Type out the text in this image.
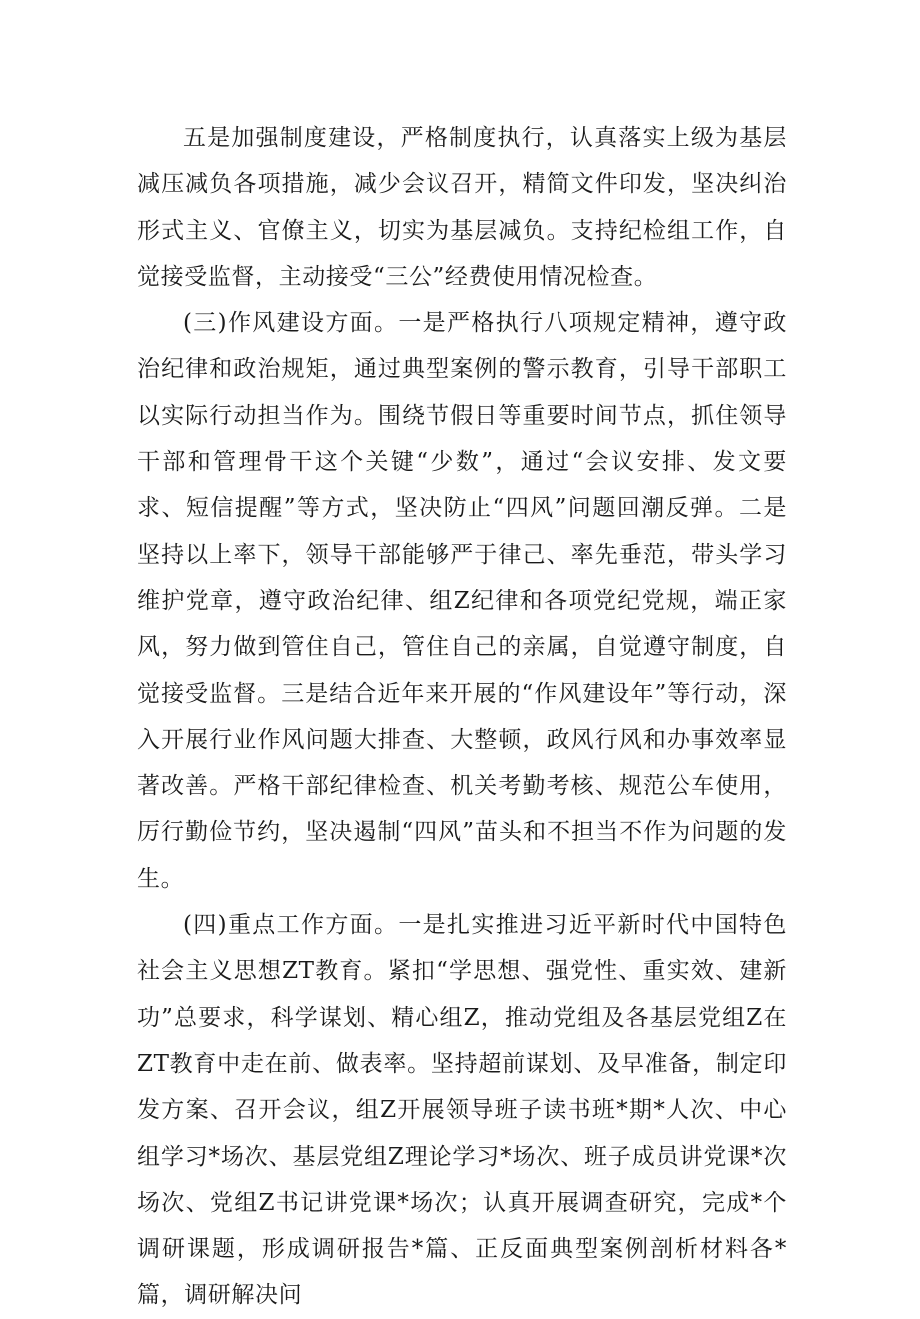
五是加强制度建设，严格制度执行，认真落实上级为基层减压减负各项措施，减少会议召开，精简文件印发，坚决纠治形式主义、官僚主义，切实为基层减负。支持纪检组工作，自觉接受监督，主动接受“三公”经费使用情况检查。

(三)作风建设方面。一是严格执行八项规定精神，遵守政治纪律和政治规矩，通过典型案例的警示教育，引导干部职工以实际行动担当作为。围绕节假日等重要时间节点，抓住领导干部和管理骨干这个关键“少数”，通过“会议安排、发文要求、短信提醒”等方式，坚决防止“四风”问题回潮反弹。二是坚持以上率下，领导干部能够严于律己、率先垂范，带头学习维护党章，遵守政治纪律、组Z纪律和各项党纪党规，端正家风，努力做到管住自己，管住自己的亲属，自觉遵守制度，自觉接受监督。三是结合近年来开展的“作风建设年”等行动，深入开展行业作风问题大排查、大整顿，政风行风和办事效率显著改善。严格干部纪律检查、机关考勤考核、规范公车使用，厉行勤俭节约，坚决遏制“四风”苗头和不担当不作为问题的发生。

(四)重点工作方面。一是扎实推进习近平新时代中国特色社会主义思想ZT教育。紧扣“学思想、强党性、重实效、建新功”总要求，科学谋划、精心组Z，推动党组及各基层党组Z在ZT教育中走在前、做表率。坚持超前谋划、及早准备，制定印发方案、召开会议，组Z开展领导班子读书班*期*人次、中心组学习*场次、基层党组Z理论学习*场次、班子成员讲党课*次场次、党组Z书记讲党课*场次；认真开展调查研究，完成*个调研课题，形成调研报告*篇、正反面典型案例剖析材料各*篇，调研解决问
